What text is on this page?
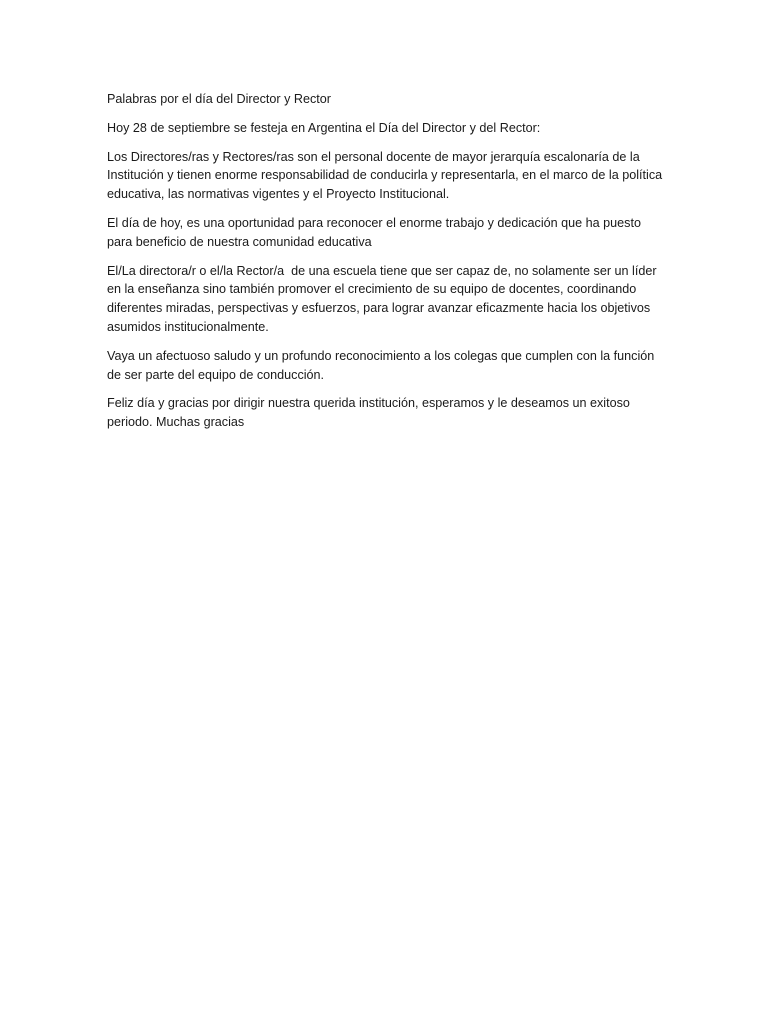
Palabras por el día del Director y Rector

Hoy 28 de septiembre se festeja en Argentina el Día del Director y del Rector:

Los Directores/ras y Rectores/ras son el personal docente de mayor jerarquía escalonaría de la Institución y tienen enorme responsabilidad de conducirla y representarla, en el marco de la política educativa, las normativas vigentes y el Proyecto Institucional.

El día de hoy, es una oportunidad para reconocer el enorme trabajo y dedicación que ha puesto para beneficio de nuestra comunidad educativa

El/La directora/r o el/la Rector/a  de una escuela tiene que ser capaz de, no solamente ser un líder en la enseñanza sino también promover el crecimiento de su equipo de docentes, coordinando diferentes miradas, perspectivas y esfuerzos, para lograr avanzar eficazmente hacia los objetivos asumidos institucionalmente.

Vaya un afectuoso saludo y un profundo reconocimiento a los colegas que cumplen con la función de ser parte del equipo de conducción.

Feliz día y gracias por dirigir nuestra querida institución, esperamos y le deseamos un exitoso periodo. Muchas gracias
